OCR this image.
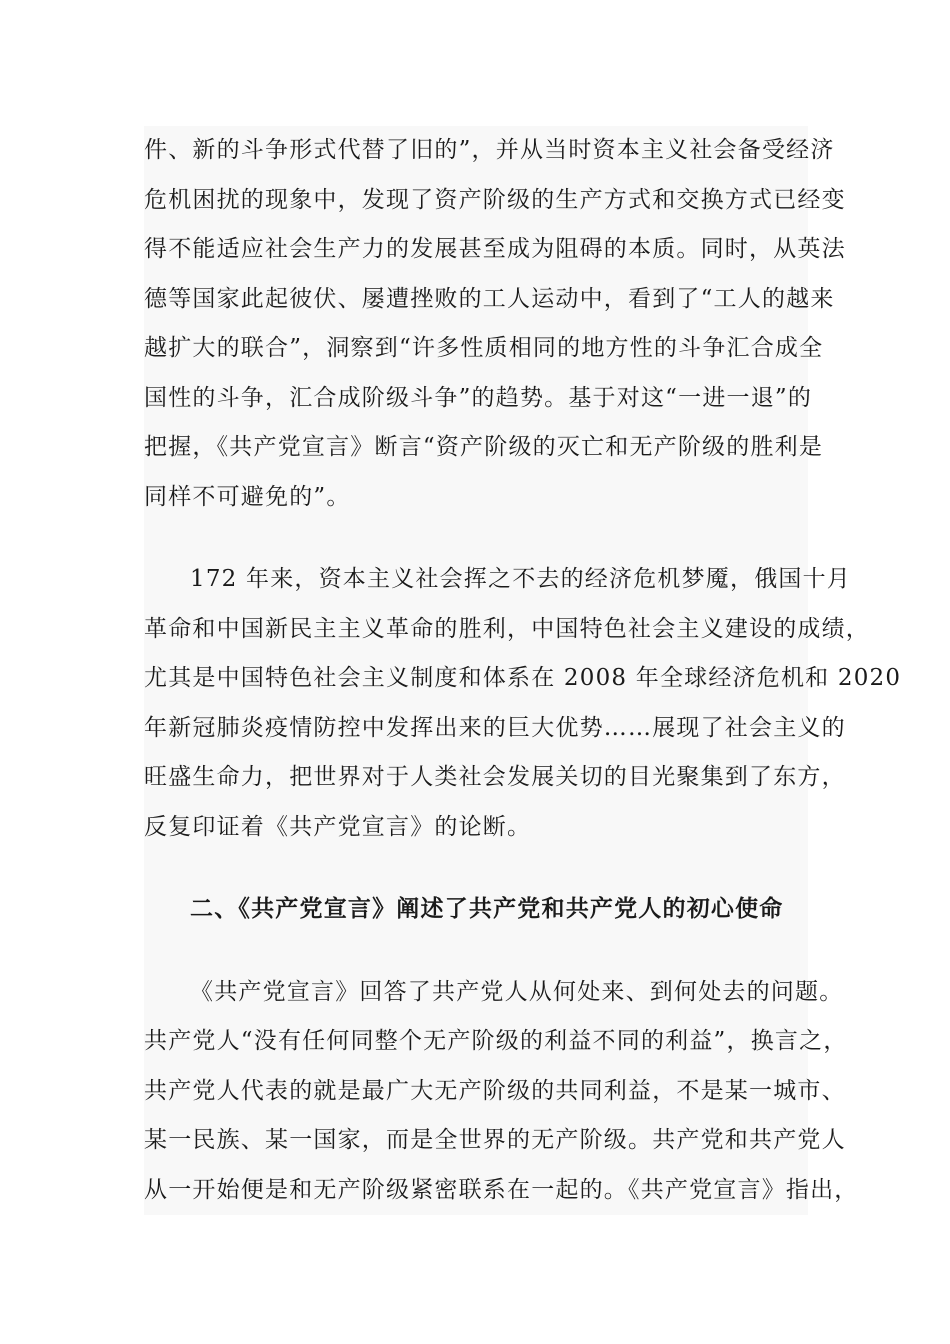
件、新的斗争形式代替了旧的”，并从当时资本主义社会备受经济
危机困扰的现象中，发现了资产阶级的生产方式和交换方式已经变
得不能适应社会生产力的发展甚至成为阻碍的本质。同时，从英法
德等国家此起彼伏、屡遭挫败的工人运动中，看到了“工人的越来
越扩大的联合”，洞察到“许多性质相同的地方性的斗争汇合成全
国性的斗争，汇合成阶级斗争”的趋势。基于对这“一进一退”的
把握，《共产党宣言》断言“资产阶级的灭亡和无产阶级的胜利是
同样不可避免的”。
172 年来，资本主义社会挥之不去的经济危机梦魇，俄国十月
革命和中国新民主主义革命的胜利，中国特色社会主义建设的成绩，
尤其是中国特色社会主义制度和体系在 2008 年全球经济危机和 2020
年新冠肺炎疫情防控中发挥出来的巨大优势……展现了社会主义的
旺盛生命力，把世界对于人类社会发展关切的目光聚集到了东方，
反复印证着《共产党宣言》的论断。
二、《共产党宣言》阐述了共产党和共产党人的初心使命
《共产党宣言》回答了共产党人从何处来、到何处去的问题。
共产党人“没有任何同整个无产阶级的利益不同的利益”，换言之，
共产党人代表的就是最广大无产阶级的共同利益，不是某一城市、
某一民族、某一国家，而是全世界的无产阶级。共产党和共产党人
从一开始便是和无产阶级紧密联系在一起的。《共产党宣言》指出，
